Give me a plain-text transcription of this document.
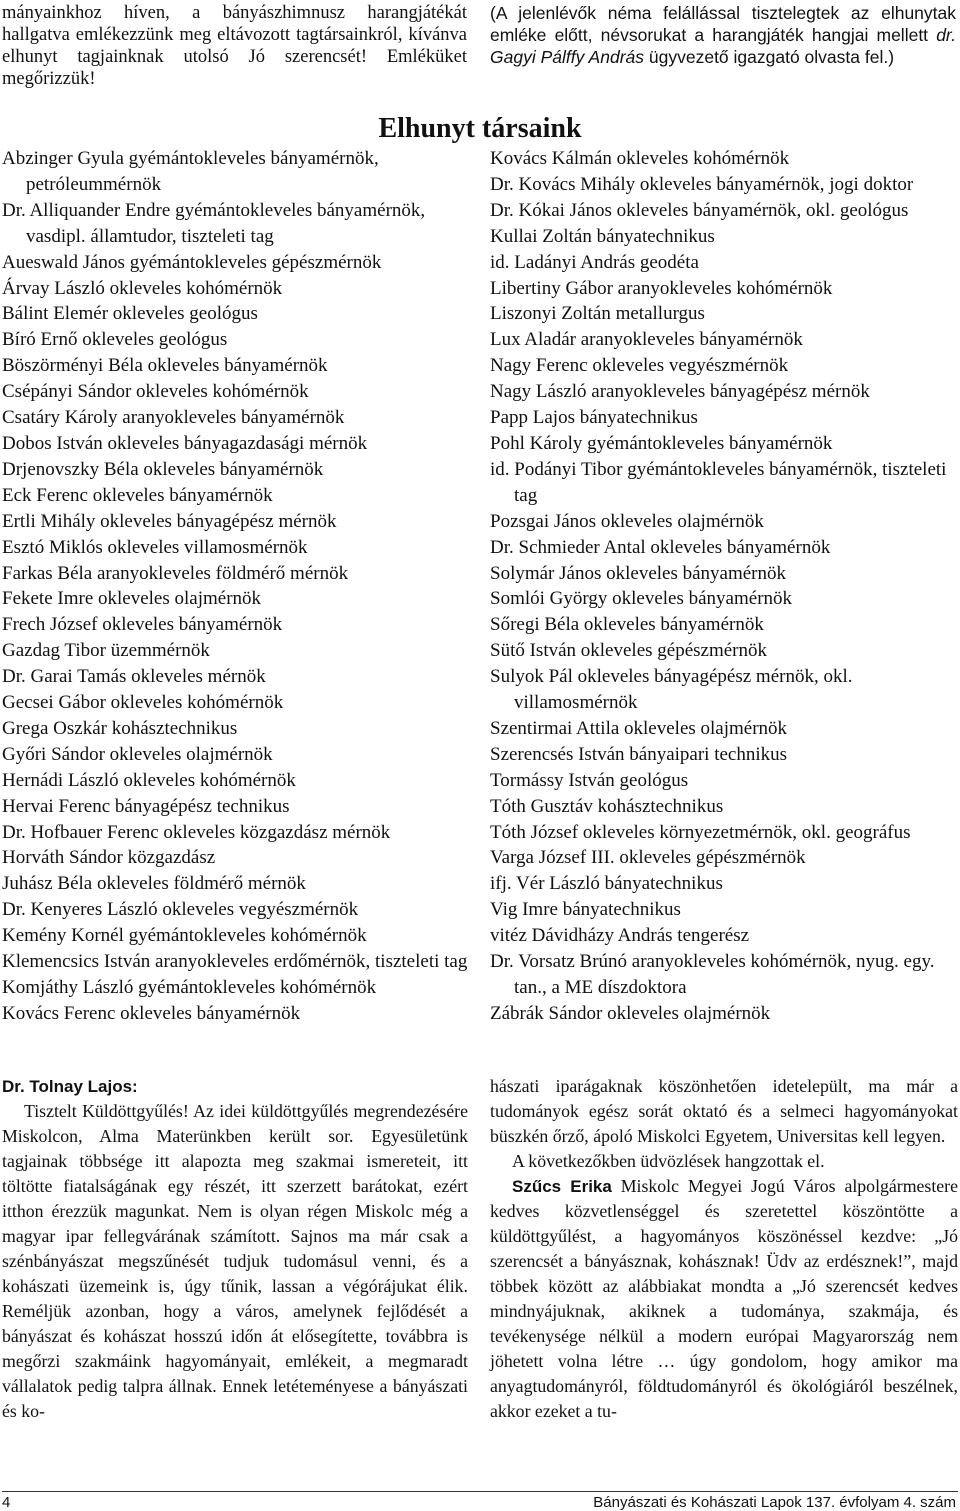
mányainkhoz híven, a bányászhimnusz harangjátékát hallgatva emlékezzünk meg eltávozott tagtársainkról, kívánva elhunyt tagjainknak utolsó Jó szerencsét! Emléküket megőrizzük!
(A jelenlévők néma felállással tisztelegtek az elhunytak emléke előtt, névsorukat a harangjáték hangjai mellett dr. Gagyi Pálffy András ügyvezető igazgató olvasta fel.)
Elhunyt társaink
Abzinger Gyula gyémántokleveles bányamérnök, petróleummérnök
Dr. Alliquander Endre gyémántokleveles bányamérnök, vasdipl. államtudor, tiszteleti tag
Aueswald János gyémántokleveles gépészmérnök
Árvay László okleveles kohómérnök
Bálint Elemér okleveles geológus
Bíró Ernő okleveles geológus
Böszörményi Béla okleveles bányamérnök
Csépányi Sándor okleveles kohómérnök
Csatáry Károly aranyokleveles bányamérnök
Dobos István okleveles bányagazdasági mérnök
Drjenovszky Béla okleveles bányamérnök
Eck Ferenc okleveles bányamérnök
Ertli Mihály okleveles bányagépész mérnök
Esztó Miklós okleveles villamosmérnök
Farkas Béla aranyokleveles földmérő mérnök
Fekete Imre okleveles olajmérnök
Frech József okleveles bányamérnök
Gazdag Tibor üzemmérnök
Dr. Garai Tamás okleveles mérnök
Gecsei Gábor okleveles kohómérnök
Grega Oszkár kohásztechnikus
Győri Sándor okleveles olajmérnök
Hernádi László okleveles kohómérnök
Hervai Ferenc bányagépész technikus
Dr. Hofbauer Ferenc okleveles közgazdász mérnök
Horváth Sándor közgazdász
Juhász Béla okleveles földmérő mérnök
Dr. Kenyeres László okleveles vegyészmérnök
Kemény Kornél gyémántokleveles kohómérnök
Klemencsics István aranyokleveles erdőmérnök, tiszteleti tag
Komjáthy László gyémántokleveles kohómérnök
Kovács Ferenc okleveles bányamérnök
Kovács Kálmán okleveles kohómérnök
Dr. Kovács Mihály okleveles bányamérnök, jogi doktor
Dr. Kókai János okleveles bányamérnök, okl. geológus
Kullai Zoltán bányatechnikus
id. Ladányi András geodéta
Libertiny Gábor aranyokleveles kohómérnök
Liszonyi Zoltán metallurgus
Lux Aladár aranyokleveles bányamérnök
Nagy Ferenc okleveles vegyészmérnök
Nagy László aranyokleveles bányagépész mérnök
Papp Lajos bányatechnikus
Pohl Károly gyémántokleveles bányamérnök
id. Podányi Tibor gyémántokleveles bányamérnök, tiszteleti tag
Pozsgai János okleveles olajmérnök
Dr. Schmieder Antal okleveles bányamérnök
Solymár János okleveles bányamérnök
Somlói György okleveles bányamérnök
Sőregi Béla okleveles bányamérnök
Sütő István okleveles gépészmérnök
Sulyok Pál okleveles bányagépész mérnök, okl. villamosmérnök
Szentirmai Attila okleveles olajmérnök
Szerencsés István bányaipari technikus
Tormássy István geológus
Tóth Gusztáv kohásztechnikus
Tóth József okleveles környezetmérnök, okl. geográfus
Varga József III. okleveles gépészmérnök
ifj. Vér László bányatechnikus
Vig Imre bányatechnikus
vitéz Dávidházy András tengerész
Dr. Vorsatz Brúnó aranyokleveles kohómérnök, nyug. egy. tan., a ME díszdoktora
Zábrák Sándor okleveles olajmérnök
Dr. Tolnay Lajos:

Tisztelt Küldöttgyűlés! Az idei küldöttgyűlés megrendezésére Miskolcon, Alma Materünkben került sor. Egyesületünk tagjainak többsége itt alapozta meg szakmai ismereteit, itt töltötte fiatalságának egy részét, itt szerzett barátokat, ezért itthon érezzük magunkat. Nem is olyan régen Miskolc még a magyar ipar fellegvárának számított. Sajnos ma már csak a szénbányászat megszűnését tudjuk tudomásul venni, és a kohászati üzemeink is, úgy tűnik, lassan a végórájukat élik. Reméljük azonban, hogy a város, amelynek fejlődését a bányászat és kohászat hosszú időn át elősegítette, továbbra is megőrzi szakmáink hagyományait, emlékeit, a megmaradt vállalatok pedig talpra állnak. Ennek letéteményese a bányászati és ko-

hászati iparágaknak köszönhetően idetelepült, ma már a tudományok egész sorát oktató és a selmeci hagyományokat büszkén őrző, ápoló Miskolci Egyetem, Universitas kell legyen.

A következőkben üdvözlések hangzottak el.

Szűcs Erika Miskolc Megyei Jogú Város alpolgármestere kedves közvetlenséggel és szeretettel köszöntötte a küldöttgyűlést, a hagyományos köszönéssel kezdve: „Jó szerencsét a bányásznak, kohásznak! Üdv az erdésznek!”, majd többek között az alábbiakat mondta a „Jó szerencsét kedves mindnyájuknak, akiknek a tudománya, szakmája, és tevékenysége nélkül a modern európai Magyarország nem jöhetett volna létre … úgy gondolom, hogy amikor ma anyagtudományról, földtudományról és ökológiáról beszélnek, akkor ezeket a tu-

4	Bányászati és Kohászati Lapok 137. évfolyam 4. szám
